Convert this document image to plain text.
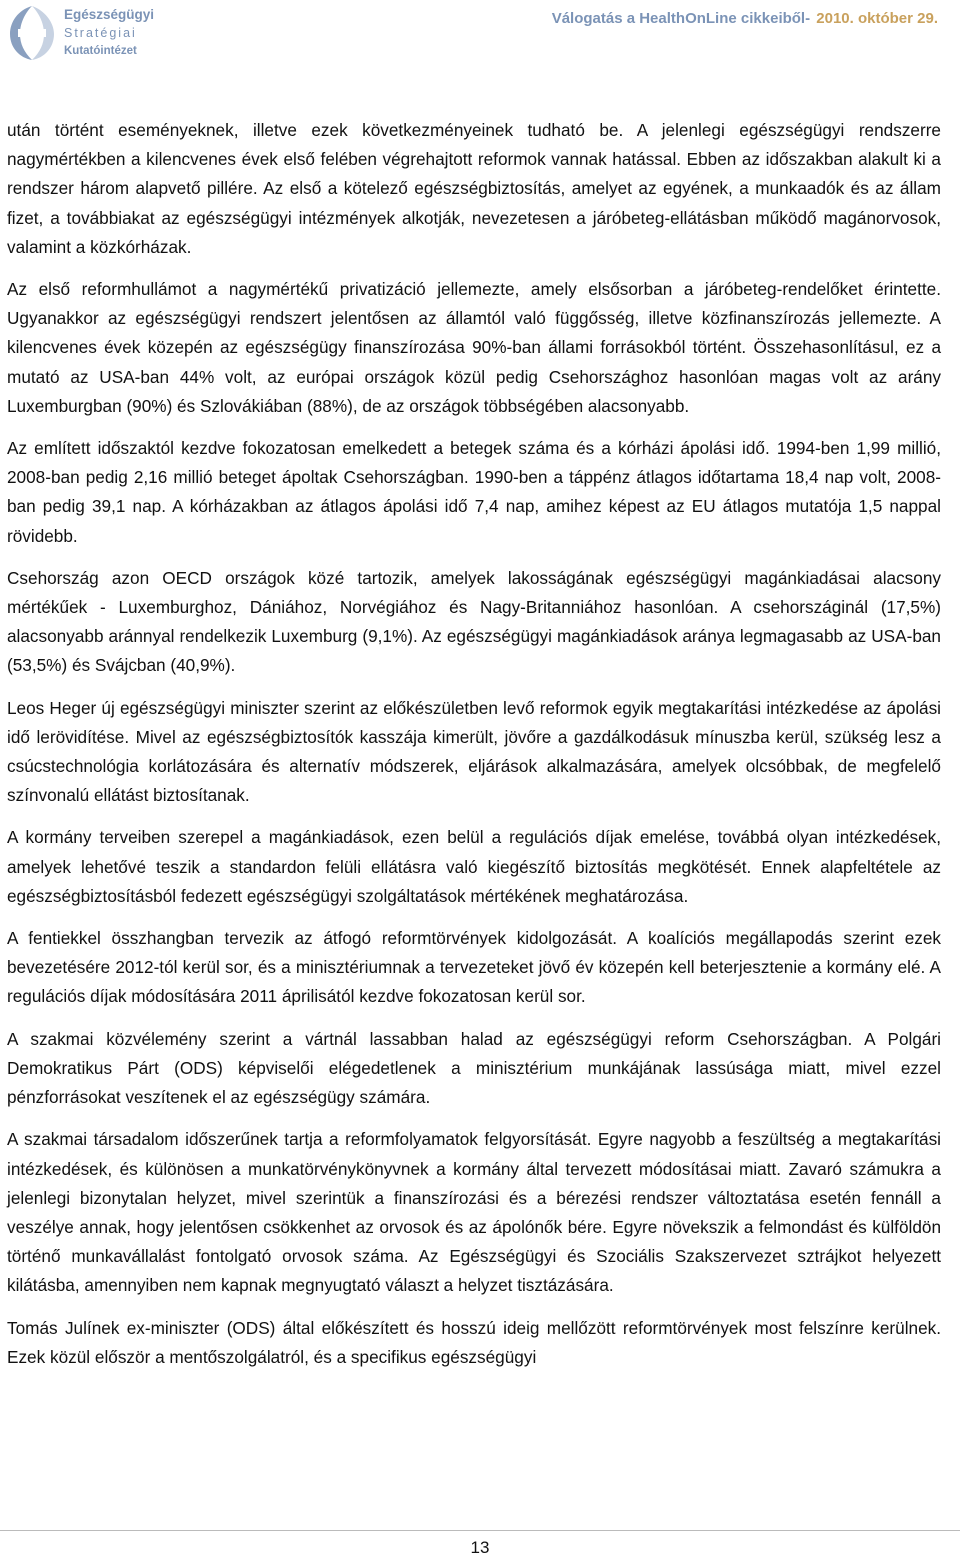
Egészségügyi
Stratégiai
Kutatóintézet
Válogatás a HealthOnLine cikkeiből- 2010. október 29.

után történt eseményeknek, illetve ezek következményeinek tudható be. A jelenlegi egészségügyi rendszerre nagymértékben a kilencvenes évek első felében végrehajtott reformok vannak hatással. Ebben az időszakban alakult ki a rendszer három alapvető pillére. Az első a kötelező egészségbiztosítás, amelyet az egyének, a munkaadók és az állam fizet, a továbbiakat az egészségügyi intézmények alkotják, nevezetesen a járóbeteg-ellátásban működő magánorvosok, valamint a közkórházak.

Az első reformhullámot a nagymértékű privatizáció jellemezte, amely elsősorban a járóbeteg-rendelőket érintette. Ugyanakkor az egészségügyi rendszert jelentősen az államtól való függősség, illetve közfinanszírozás jellemezte. A kilencvenes évek közepén az egészségügy finanszírozása 90%-ban állami forrásokból történt. Összehasonlításul, ez a mutató az USA-ban 44% volt, az európai országok közül pedig Csehországhoz hasonlóan magas volt az arány Luxemburgban (90%) és Szlovákiában (88%), de az országok többségében alacsonyabb.

Az említett időszaktól kezdve fokozatosan emelkedett a betegek száma és a kórházi ápolási idő. 1994-ben 1,99 millió, 2008-ban pedig 2,16 millió beteget ápoltak Csehországban. 1990-ben a táppénz átlagos időtartama 18,4 nap volt, 2008-ban pedig 39,1 nap. A kórházakban az átlagos ápolási idő 7,4 nap, amihez képest az EU átlagos mutatója 1,5 nappal rövidebb.

Csehország azon OECD országok közé tartozik, amelyek lakosságának egészségügyi magánkiadásai alacsony mértékűek - Luxemburghoz, Dániához, Norvégiához és Nagy-Britanniához hasonlóan. A csehországinál (17,5%) alacsonyabb aránnyal rendelkezik Luxemburg (9,1%). Az egészségügyi magánkiadások aránya legmagasabb az USA-ban (53,5%) és Svájcban (40,9%).

Leos Heger új egészségügyi miniszter szerint az előkészületben levő reformok egyik megtakarítási intézkedése az ápolási idő lerövidítése. Mivel az egészségbiztosítók kasszája kimerült, jövőre a gazdálkodásuk mínuszba kerül, szükség lesz a csúcstechnológia korlátozására és alternatív módszerek, eljárások alkalmazására, amelyek olcsóbbak, de megfelelő színvonalú ellátást biztosítanak.

A kormány terveiben szerepel a magánkiadások, ezen belül a regulációs díjak emelése, továbbá olyan intézkedések, amelyek lehetővé teszik a standardon felüli ellátásra való kiegészítő biztosítás megkötését. Ennek alapfeltétele az egészségbiztosításból fedezett egészségügyi szolgáltatások mértékének meghatározása.

A fentiekkel összhangban tervezik az átfogó reformtörvények kidolgozását. A koalíciós megállapodás szerint ezek bevezetésére 2012-tól kerül sor, és a minisztériumnak a tervezeteket jövő év közepén kell beterjesztenie a kormány elé. A regulációs díjak módosítására 2011 áprilisától kezdve fokozatosan kerül sor.

A szakmai közvélemény szerint a vártnál lassabban halad az egészségügyi reform Csehországban. A Polgári Demokratikus Párt (ODS) képviselői elégedetlenek a minisztérium munkájának lassúsága miatt, mivel ezzel pénzforrásokat veszítenek el az egészségügy számára.

A szakmai társadalom időszerűnek tartja a reformfolyamatok felgyorsítását. Egyre nagyobb a feszültség a megtakarítási intézkedések, és különösen a munkatörvénykönyvnek a kormány által tervezett módosításai miatt. Zavaró számukra a jelenlegi bizonytalan helyzet, mivel szerintük a finanszírozási és a bérezési rendszer változtatása esetén fennáll a veszélye annak, hogy jelentősen csökkenhet az orvosok és az ápolónők bére. Egyre növekszik a felmondást és külföldön történő munkavállalást fontolgató orvosok száma. Az Egészségügyi és Szociális Szakszervezet sztrájkot helyezett kilátásba, amennyiben nem kapnak megnyugtató választ a helyzet tisztázására.

Tomás Julínek ex-miniszter (ODS) által előkészített és hosszú ideig mellőzött reformtörvények most felszínre kerülnek. Ezek közül először a mentőszolgálatról, és a specifikus egészségügyi

13
